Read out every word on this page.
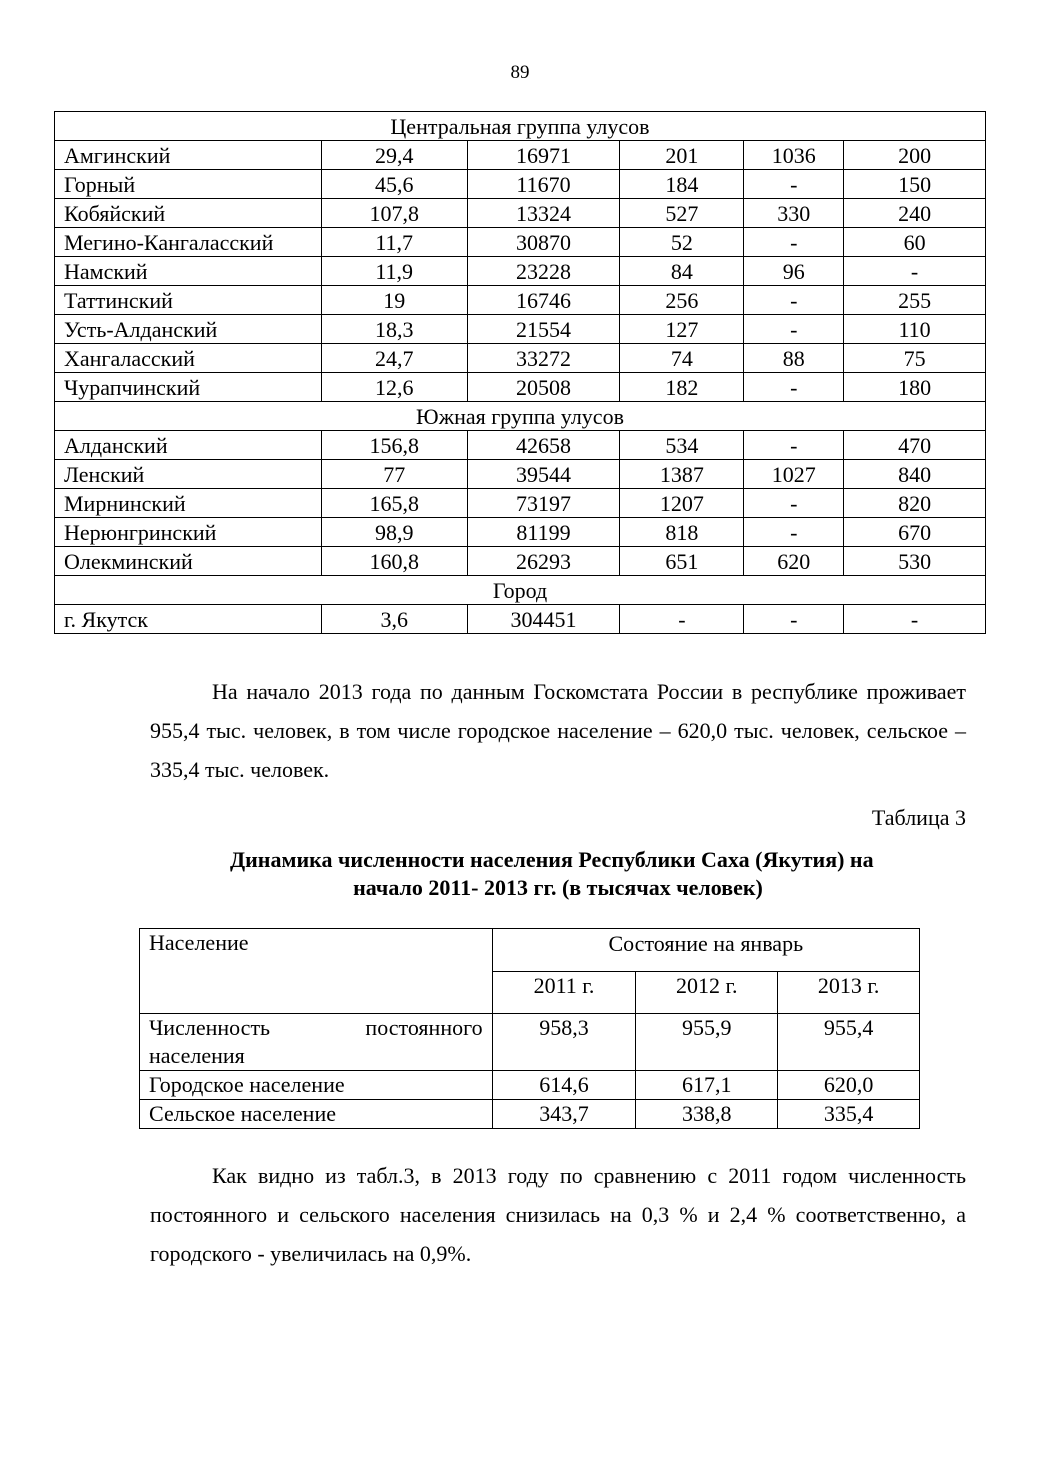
89
Центральная группа улусов					
Амгинский	29,4	16971	201	1036	200
Горный	45,6	11670	184	-	150
Кобяйский	107,8	13324	527	330	240
Мегино-Кангаласский	11,7	30870	52	-	60
Намский	11,9	23228	84	96	-
Таттинский	19	16746	256	-	255
Усть-Алданский	18,3	21554	127	-	110
Хангаласский	24,7	33272	74	88	75
Чурапчинский	12,6	20508	182	-	180
Южная группа улусов					
Алданский	156,8	42658	534	-	470
Ленский	77	39544	1387	1027	840
Мирнинский	165,8	73197	1207	-	820
Нерюнгринский	98,9	81199	818	-	670
Олекминский	160,8	26293	651	620	530
Город					
г. Якутск	3,6	304451	-	-	-

На начало 2013 года по данным Госкомстата России в республике проживает 955,4 тыс. человек, в том числе городское население – 620,0 тыс. человек, сельское – 335,4 тыс. человек.

Таблица 3
Динамика численности населения Республики Саха (Якутия) на
начало 2011- 2013 гг. (в тысячах человек)
Население	Состояние на январь		
	2011 г.	2012 г.	2013 г.
Численность постоянного населения	958,3	955,9	955,4
Городское население	614,6	617,1	620,0
Сельское население	343,7	338,8	335,4

Как видно из табл.3, в 2013 году по сравнению с 2011 годом численность постоянного и сельского населения снизилась на 0,3 % и 2,4 % соответственно, а городского - увеличилась на 0,9%.
